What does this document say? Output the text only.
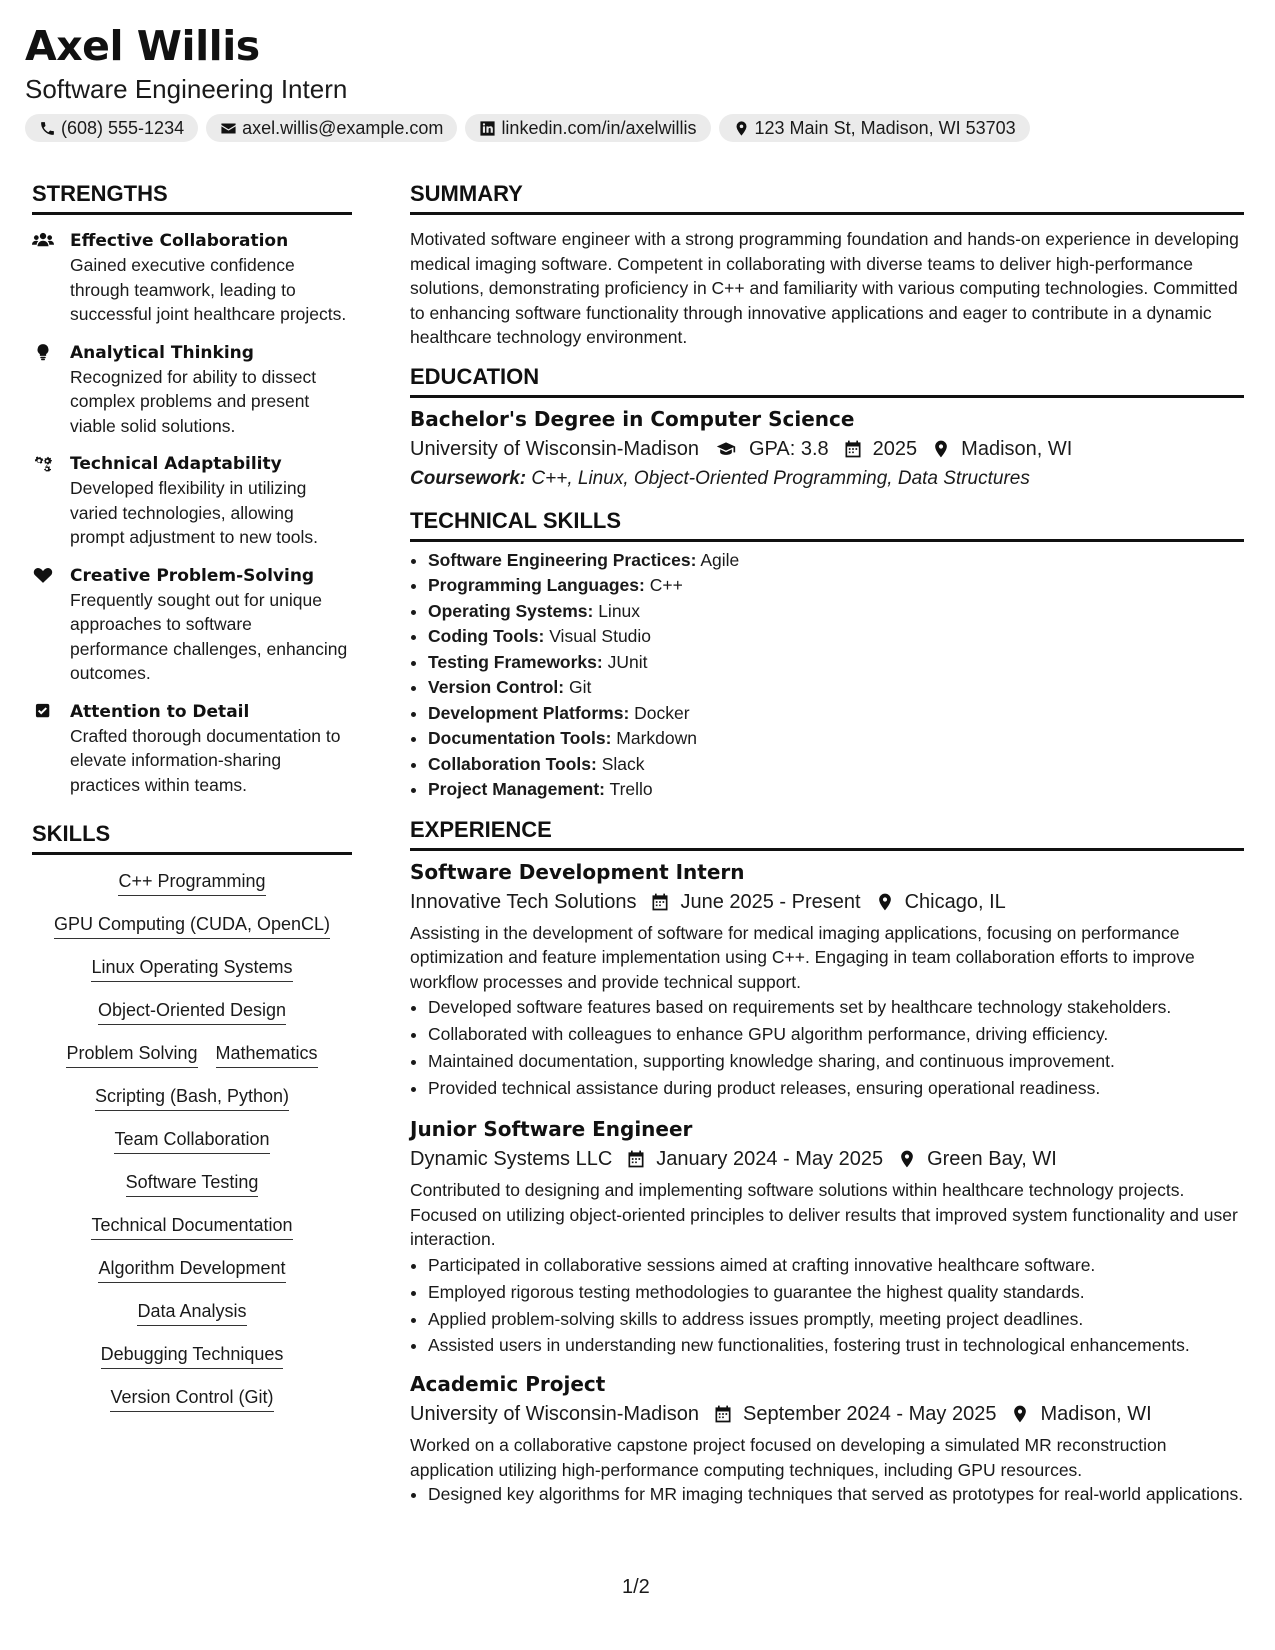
Axel Willis
Software Engineering Intern
(608) 555-1234	axel.willis@example.com	linkedin.com/in/axelwillis	123 Main St, Madison, WI 53703
STRENGTHS
Effective Collaboration
Gained executive confidence through teamwork, leading to successful joint healthcare projects.
Analytical Thinking
Recognized for ability to dissect complex problems and present viable solid solutions.
Technical Adaptability
Developed flexibility in utilizing varied technologies, allowing prompt adjustment to new tools.
Creative Problem-Solving
Frequently sought out for unique approaches to software performance challenges, enhancing outcomes.
Attention to Detail
Crafted thorough documentation to elevate information-sharing practices within teams.
SKILLS
C++ Programming
GPU Computing (CUDA, OpenCL)
Linux Operating Systems
Object-Oriented Design
Problem Solving Mathematics
Scripting (Bash, Python)
Team Collaboration
Software Testing
Technical Documentation
Algorithm Development
Data Analysis
Debugging Techniques
Version Control (Git)
SUMMARY

Motivated software engineer with a strong programming foundation and hands-on experience in developing medical imaging software. Competent in collaborating with diverse teams to deliver high-performance solutions, demonstrating proficiency in C++ and familiarity with various computing technologies. Committed to enhancing software functionality through innovative applications and eager to contribute in a dynamic healthcare technology environment.

EDUCATION
Bachelor's Degree in Computer Science
University of Wisconsin-Madison	GPA: 3.8 2025 Madison, WI
Coursework: C++, Linux, Object-Oriented Programming, Data Structures
TECHNICAL SKILLS
• Software Engineering Practices: Agile
• Programming Languages: C++
• Operating Systems: Linux
• Coding Tools: Visual Studio
• Testing Frameworks: JUnit
• Version Control: Git
• Development Platforms: Docker
• Documentation Tools: Markdown
• Collaboration Tools: Slack
• Project Management: Trello
EXPERIENCE
Software Development Intern
Innovative Tech Solutions June 2025 - Present Chicago, IL

Assisting in the development of software for medical imaging applications, focusing on performance optimization and feature implementation using C++. Engaging in team collaboration efforts to improve workflow processes and provide technical support.

• Developed software features based on requirements set by healthcare technology stakeholders.
• Collaborated with colleagues to enhance GPU algorithm performance, driving efficiency.
• Maintained documentation, supporting knowledge sharing, and continuous improvement.
• Provided technical assistance during product releases, ensuring operational readiness.
Junior Software Engineer
Dynamic Systems LLC January 2024 - May 2025 Green Bay, WI

Contributed to designing and implementing software solutions within healthcare technology projects. Focused on utilizing object-oriented principles to deliver results that improved system functionality and user interaction.

• Participated in collaborative sessions aimed at crafting innovative healthcare software.
• Employed rigorous testing methodologies to guarantee the highest quality standards.
• Applied problem-solving skills to address issues promptly, meeting project deadlines.
• Assisted users in understanding new functionalities, fostering trust in technological enhancements.
Academic Project
University of Wisconsin-Madison September 2024 - May 2025 Madison, WI

Worked on a collaborative capstone project focused on developing a simulated MR reconstruction application utilizing high-performance computing techniques, including GPU resources.

• Designed key algorithms for MR imaging techniques that served as prototypes for real-world applications.
1/2
